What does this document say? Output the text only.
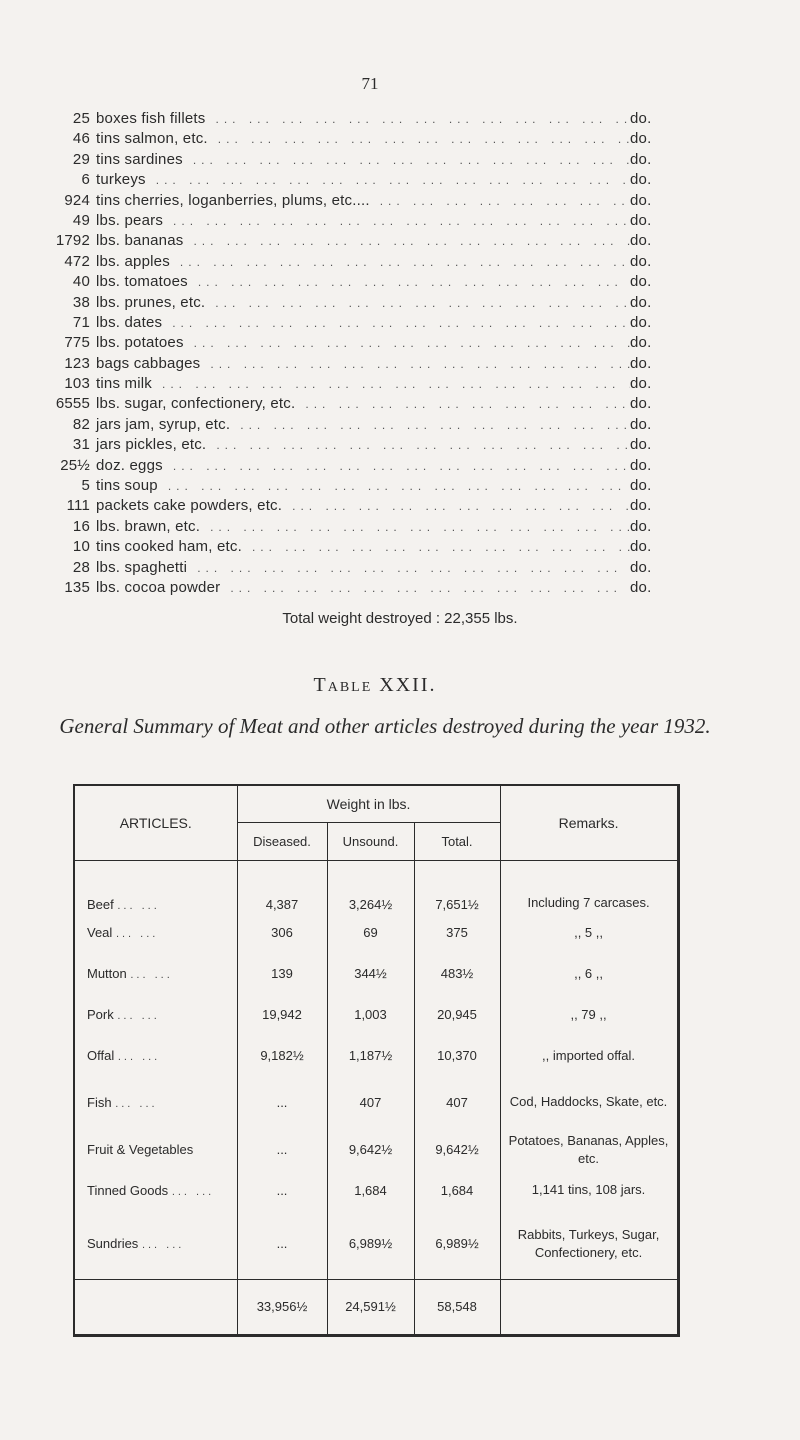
71
25 boxes fish fillets ... .	do.
46 tins salmon, etc. ... .	do.
29 tins sardines ... .	do.
6 turkeys ... .	do.
924 tins cherries, loganberries, plums, etc.... ... .	do.
49 lbs. pears ... .	do.
1792 lbs. bananas ... .	do.
472 lbs. apples ... .	do.
40 lbs. tomatoes ... .	do.
38 lbs. prunes, etc. ... .	do.
71 lbs. dates ... .	do.
775 lbs. potatoes ... .	do.
123 bags cabbages ... .	do.
103 tins milk ... .	do.
6555 lbs. sugar, confectionery, etc. ... .	do.
82 jars jam, syrup, etc. ... .	do.
31 jars pickles, etc. ... .	do.
25½ doz. eggs ... .	do.
5 tins soup ... .	do.
111 packets cake powders, etc. ... .	do.
16 lbs. brawn, etc. ... .	do.
10 tins cooked ham, etc. ... .	do.
28 lbs. spaghetti ... .	do.
135 lbs. cocoa powder ... .	do.
Total weight destroyed : 22,355 lbs.
Table XXII.
General Summary of Meat and other articles destroyed during the year 1932.
ARTICLES.	Weight in lbs.			Remarks.
	Diseased.	Unsound.	Total.	
Beef ... ...	4,387	3,264½	7,651½	Including 7 carcases.
Veal ... ...	306	69	375	,, 5 ,,
Mutton ... ...	139	344½	483½	,, 6 ,,
Pork ... ...	19,942	1,003	20,945	,, 79 ,,
Offal ... ...	9,182½	1,187½	10,370	,, imported offal.
Fish ... ...	...	407	407	Cod, Haddocks, Skate, etc.
Fruit & Vegetables	...	9,642½	9,642½	Potatoes, Bananas, Apples, etc.
Tinned Goods ... ...	...	1,684	1,684	1,141 tins, 108 jars.
Sundries ... ...	...	6,989½	6,989½	Rabbits, Turkeys, Sugar, Confectionery, etc.
	33,956½	24,591½	58,548	
